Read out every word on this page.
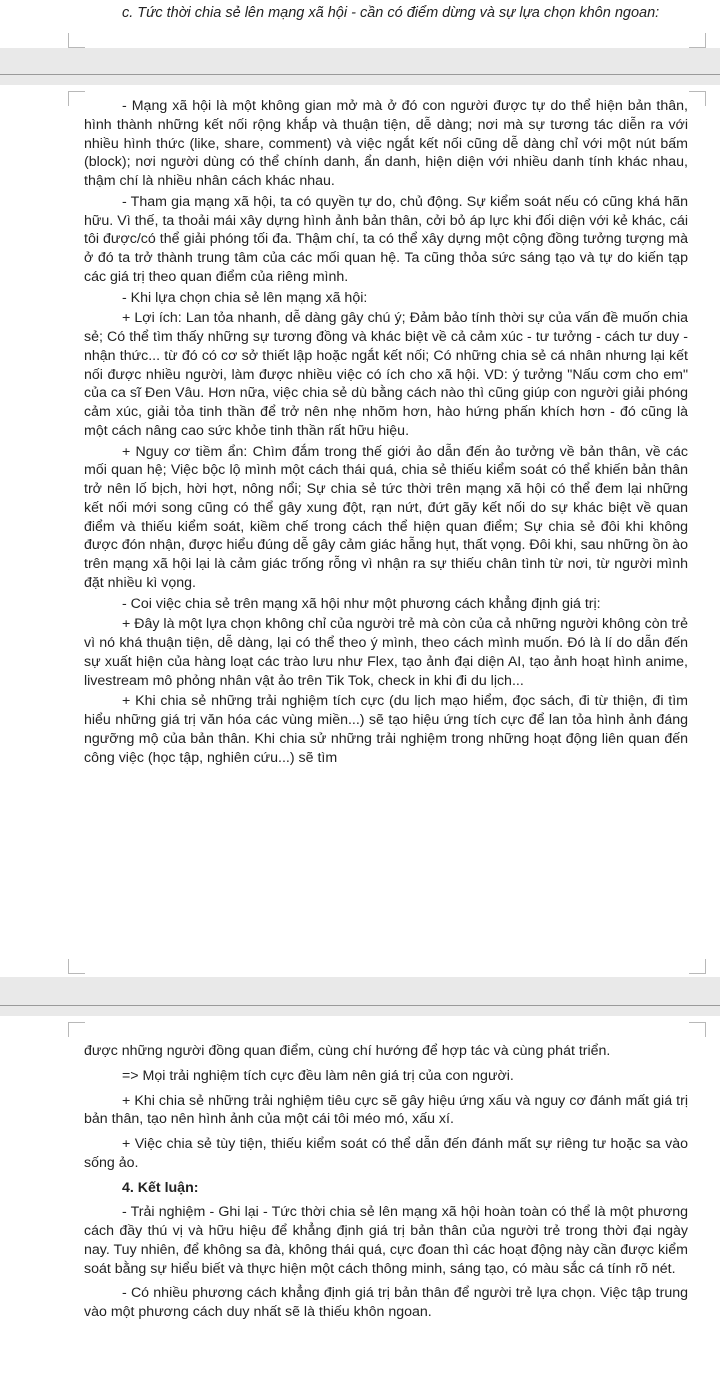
c. Tức thời chia sẻ lên mạng xã hội - cần có điểm dừng và sự lựa chọn khôn ngoan:

- Mạng xã hội là một không gian mở mà ở đó con người được tự do thể hiện bản thân, hình thành những kết nối rộng khắp và thuận tiện, dễ dàng; nơi mà sự tương tác diễn ra với nhiều hình thức (like, share, comment) và việc ngắt kết nối cũng dễ dàng chỉ với một nút bấm (block); nơi người dùng có thể chính danh, ẩn danh, hiện diện với nhiều danh tính khác nhau, thậm chí là nhiều nhân cách khác nhau.

- Tham gia mạng xã hội, ta có quyền tự do, chủ động. Sự kiểm soát nếu có cũng khá hãn hữu. Vì thế, ta thoải mái xây dựng hình ảnh bản thân, cởi bỏ áp lực khi đối diện với kẻ khác, cái tôi được/có thể giải phóng tối đa. Thậm chí, ta có thể xây dựng một cộng đồng tưởng tượng mà ở đó ta trở thành trung tâm của các mối quan hệ. Ta cũng thỏa sức sáng tạo và tự do kiến tạp các giá trị theo quan điểm của riêng mình.

- Khi lựa chọn chia sẻ lên mạng xã hội:

+ Lợi ích: Lan tỏa nhanh, dễ dàng gây chú ý; Đảm bảo tính thời sự của vấn đề muốn chia sẻ; Có thể tìm thấy những sự tương đồng và khác biệt về cả cảm xúc - tư tưởng - cách tư duy - nhận thức... từ đó có cơ sở thiết lập hoặc ngắt kết nối; Có những chia sẻ cá nhân nhưng lại kết nối được nhiều người, làm được nhiều việc có ích cho xã hội. VD: ý tưởng "Nấu cơm cho em" của ca sĩ Đen Vâu. Hơn nữa, việc chia sẻ dù bằng cách nào thì cũng giúp con người giải phóng cảm xúc, giải tỏa tinh thần để trở nên nhẹ nhõm hơn, hào hứng phấn khích hơn - đó cũng là một cách nâng cao sức khỏe tinh thần rất hữu hiệu.

+ Nguy cơ tiềm ẩn: Chìm đắm trong thế giới ảo dẫn đến ảo tưởng về bản thân, về các mối quan hệ; Việc bộc lộ mình một cách thái quá, chia sẻ thiếu kiểm soát có thể khiến bản thân trở nên lố bịch, hời hợt, nông nổi; Sự chia sẻ tức thời trên mạng xã hội có thể đem lại những kết nối mới song cũng có thể gây xung đột, rạn nứt, đứt gãy kết nối do sự khác biệt về quan điểm và thiếu kiểm soát, kiềm chế trong cách thể hiện quan điểm; Sự chia sẻ đôi khi không được đón nhận, được hiểu đúng dễ gây cảm giác hẫng hụt, thất vọng. Đôi khi, sau những ồn ào trên mạng xã hội lại là cảm giác trống rỗng vì nhận ra sự thiếu chân tình từ nơi, từ người mình đặt nhiều kì vọng.

- Coi việc chia sẻ trên mạng xã hội như một phương cách khẳng định giá trị:

+ Đây là một lựa chọn không chỉ của người trẻ mà còn của cả những người không còn trẻ vì nó khá thuận tiện, dễ dàng, lại có thể theo ý mình, theo cách mình muốn. Đó là lí do dẫn đến sự xuất hiện của hàng loạt các trào lưu như Flex, tạo ảnh đại diện AI, tạo ảnh hoạt hình anime, livestream mô phỏng nhân vật ảo trên Tik Tok, check in khi đi du lịch...

+ Khi chia sẻ những trải nghiệm tích cực (du lịch mạo hiểm, đọc sách, đi từ thiện, đi tìm hiểu những giá trị văn hóa các vùng miền...) sẽ tạo hiệu ứng tích cực để lan tỏa hình ảnh đáng ngưỡng mộ của bản thân. Khi chia sử những trải nghiệm trong những hoạt động liên quan đến công việc (học tập, nghiên cứu...) sẽ tìm

được những người đồng quan điểm, cùng chí hướng để hợp tác và cùng phát triển.

=> Mọi trải nghiệm tích cực đều làm nên giá trị của con người.

+ Khi chia sẻ những trải nghiệm tiêu cực sẽ gây hiệu ứng xấu và nguy cơ đánh mất giá trị bản thân, tạo nên hình ảnh của một cái tôi méo mó, xấu xí.

+ Việc chia sẻ tùy tiện, thiếu kiểm soát có thể dẫn đến đánh mất sự riêng tư hoặc sa vào sống ảo.

4. Kết luận:

- Trải nghiệm - Ghi lại - Tức thời chia sẻ lên mạng xã hội hoàn toàn có thể là một phương cách đầy thú vị và hữu hiệu để khẳng định giá trị bản thân của người trẻ trong thời đại ngày nay. Tuy nhiên, để không sa đà, không thái quá, cực đoan thì các hoạt động này cần được kiểm soát bằng sự hiểu biết và thực hiện một cách thông minh, sáng tạo, có màu sắc cá tính rõ nét.

- Có nhiều phương cách khẳng định giá trị bản thân để người trẻ lựa chọn. Việc tập trung vào một phương cách duy nhất sẽ là thiếu khôn ngoan.
